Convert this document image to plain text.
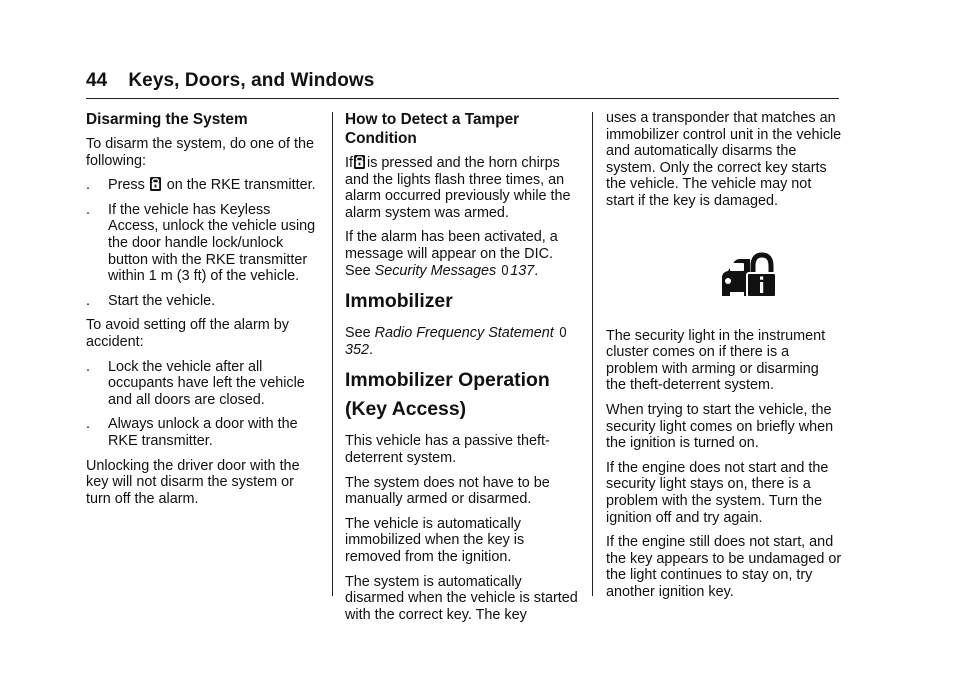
44 Keys, Doors, and Windows
Disarming the System

To disarm the system, do one of the following:

. Press on the RKE transmitter.
. If the vehicle has Keyless Access, unlock the vehicle using the door handle lock/unlock button with the RKE transmitter within 1 m (3 ft) of the vehicle.
. Start the vehicle.

To avoid setting off the alarm by accident:

. Lock the vehicle after all occupants have left the vehicle and all doors are closed.
. Always unlock a door with the RKE transmitter.

Unlocking the driver door with the key will not disarm the system or turn off the alarm.

How to Detect a Tamper Condition

If is pressed and the horn chirps and the lights flash three times, an alarm occurred previously while the alarm system was armed.

If the alarm has been activated, a message will appear on the DIC. See Security Messages 0137.

Immobilizer

See Radio Frequency Statement 0352.

Immobilizer Operation (Key Access)

This vehicle has a passive theft-deterrent system.

The system does not have to be manually armed or disarmed.

The vehicle is automatically immobilized when the key is removed from the ignition.

The system is automatically disarmed when the vehicle is started with the correct key. The key

uses a transponder that matches an immobilizer control unit in the vehicle and automatically disarms the system. Only the correct key starts the vehicle. The vehicle may not start if the key is damaged.

The security light in the instrument cluster comes on if there is a problem with arming or disarming the theft-deterrent system.

When trying to start the vehicle, the security light comes on briefly when the ignition is turned on.

If the engine does not start and the security light stays on, there is a problem with the system. Turn the ignition off and try again.

If the engine still does not start, and the key appears to be undamaged or the light continues to stay on, try another ignition key.
